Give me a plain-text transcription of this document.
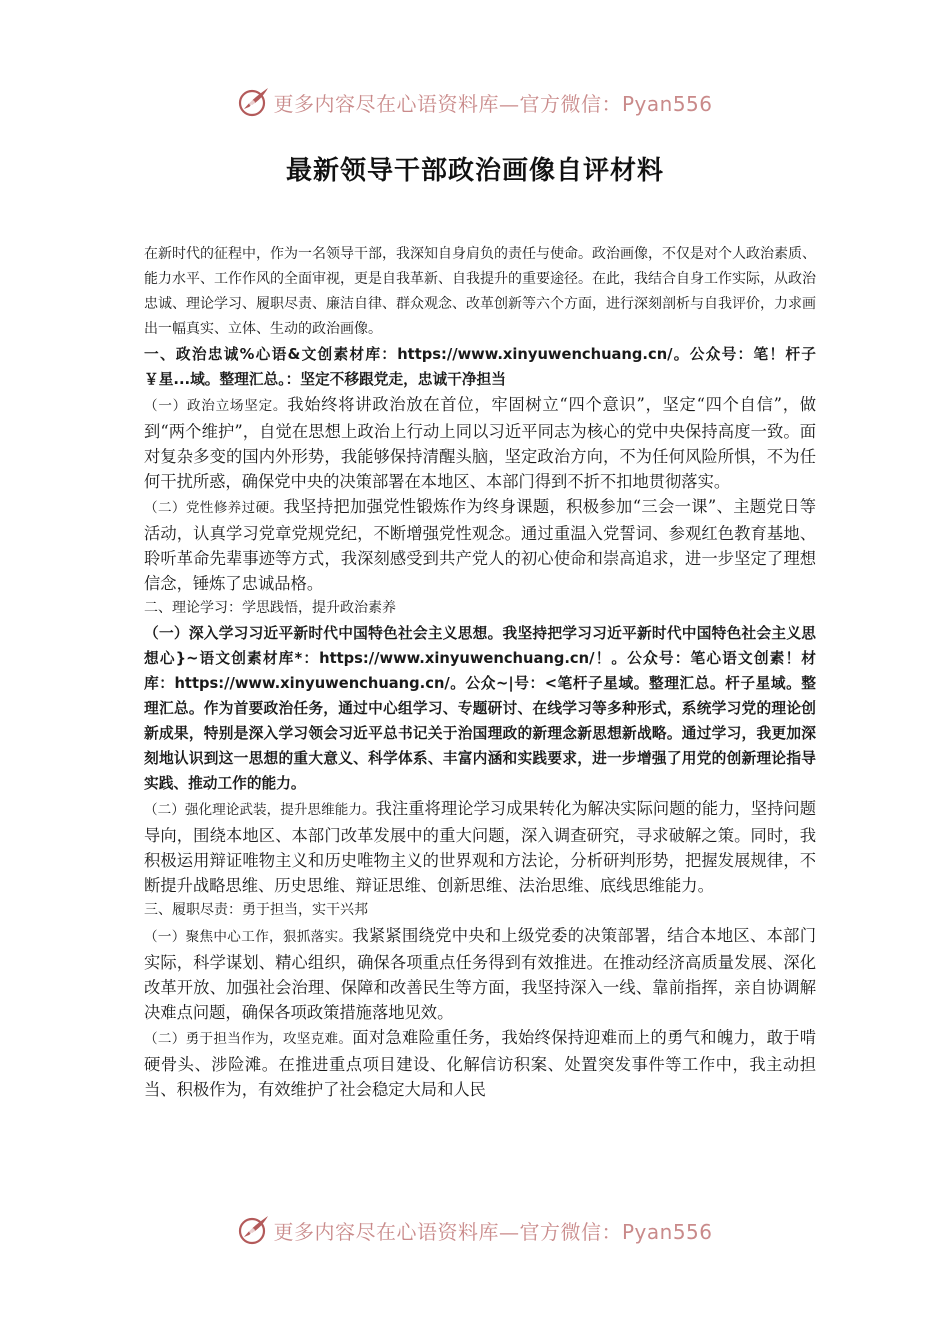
更多内容尽在心语资料库—官方微信：Pyan556
最新领导干部政治画像自评材料

在新时代的征程中，作为一名领导干部，我深知自身肩负的责任与使命。政治画像，不仅是对个人政治素质、能力水平、工作作风的全面审视，更是自我革新、自我提升的重要途径。在此，我结合自身工作实际，从政治忠诚、理论学习、履职尽责、廉洁自律、群众观念、改革创新等六个方面，进行深刻剖析与自我评价，力求画出一幅真实、立体、生动的政治画像。

一、政治忠诚%心语&文创素材库：https://www.xinyuwenchuang.cn/。公众号：笔！杆子￥星...域。整理汇总。：坚定不移跟党走，忠诚干净担当

（一）政治立场坚定。我始终将讲政治放在首位，牢固树立“四个意识”，坚定“四个自信”，做到“两个维护”，自觉在思想上政治上行动上同以习近平同志为核心的党中央保持高度一致。面对复杂多变的国内外形势，我能够保持清醒头脑，坚定政治方向，不为任何风险所惧，不为任何干扰所惑，确保党中央的决策部署在本地区、本部门得到不折不扣地贯彻落实。

（二）党性修养过硬。我坚持把加强党性锻炼作为终身课题，积极参加“三会一课”、主题党日等活动，认真学习党章党规党纪，不断增强党性观念。通过重温入党誓词、参观红色教育基地、聆听革命先辈事迹等方式，我深刻感受到共产党人的初心使命和崇高追求，进一步坚定了理想信念，锤炼了忠诚品格。

二、理论学习：学思践悟，提升政治素养

（一）深入学习习近平新时代中国特色社会主义思想。我坚持把学习习近平新时代中国特色社会主义思想心}~语文创素材库*：https://www.xinyuwenchuang.cn/！。公众号：笔心语文创素！材库：https://www.xinyuwenchuang.cn/。公众~|号：<笔杆子星域。整理汇总。杆子星域。整理汇总。作为首要政治任务，通过中心组学习、专题研讨、在线学习等多种形式，系统学习党的理论创新成果，特别是深入学习领会习近平总书记关于治国理政的新理念新思想新战略。通过学习，我更加深刻地认识到这一思想的重大意义、科学体系、丰富内涵和实践要求，进一步增强了用党的创新理论指导实践、推动工作的能力。

（二）强化理论武装，提升思维能力。我注重将理论学习成果转化为解决实际问题的能力，坚持问题导向，围绕本地区、本部门改革发展中的重大问题，深入调查研究，寻求破解之策。同时，我积极运用辩证唯物主义和历史唯物主义的世界观和方法论，分析研判形势，把握发展规律，不断提升战略思维、历史思维、辩证思维、创新思维、法治思维、底线思维能力。

三、履职尽责：勇于担当，实干兴邦

（一）聚焦中心工作，狠抓落实。我紧紧围绕党中央和上级党委的决策部署，结合本地区、本部门实际，科学谋划、精心组织，确保各项重点任务得到有效推进。在推动经济高质量发展、深化改革开放、加强社会治理、保障和改善民生等方面，我坚持深入一线、靠前指挥，亲自协调解决难点问题，确保各项政策措施落地见效。

（二）勇于担当作为，攻坚克难。面对急难险重任务，我始终保持迎难而上的勇气和魄力，敢于啃硬骨头、涉险滩。在推进重点项目建设、化解信访积案、处置突发事件等工作中，我主动担当、积极作为，有效维护了社会稳定大局和人民

更多内容尽在心语资料库—官方微信：Pyan556
